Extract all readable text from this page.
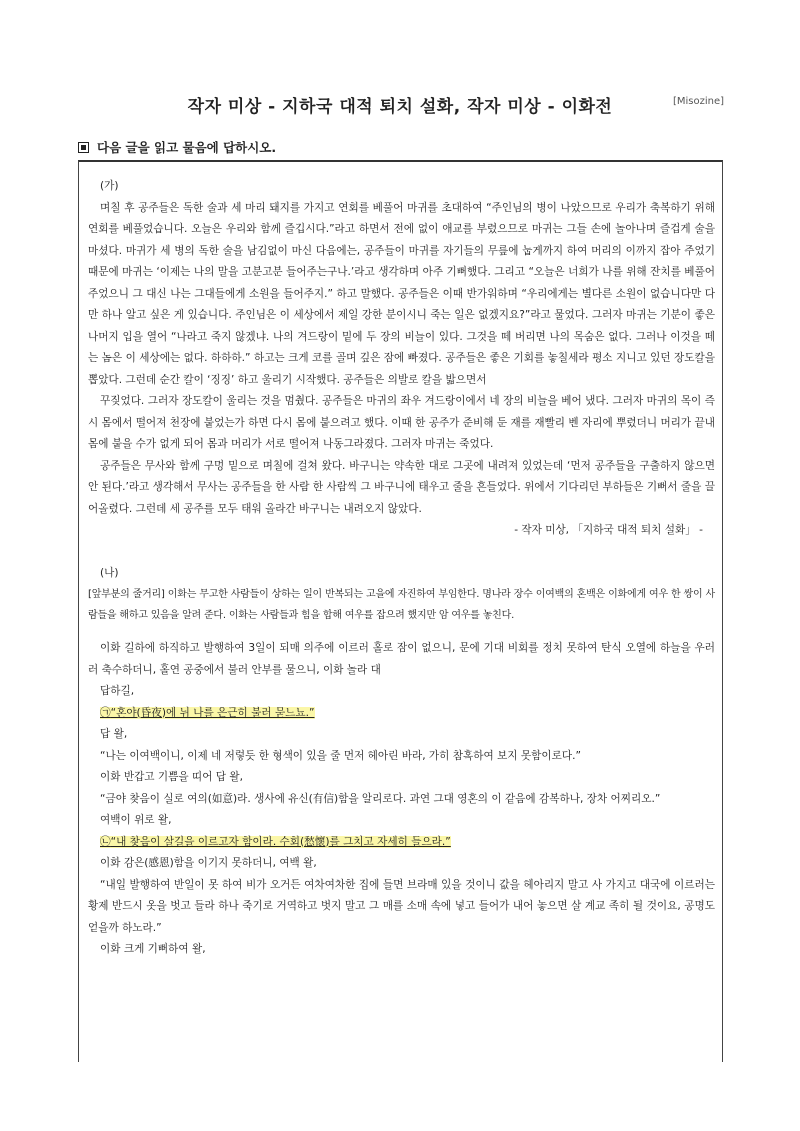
작자 미상 - 지하국 대적 퇴치 설화, 작자 미상 - 이화전	[Misozine]
다음 글을 읽고 물음에 답하시오.

(가)

며칠 후 공주들은 독한 술과 세 마리 돼지를 가지고 연회를 베풀어 마귀를 초대하여 “주인님의 병이 나았으므로 우리가 축복하기 위해 연회를 베풀었습니다. 오늘은 우리와 함께 즐깁시다.”라고 하면서 전에 없이 애교를 부렸으므로 마귀는 그들 손에 놀아나며 즐겁게 술을 마셨다. 마귀가 세 병의 독한 술을 남김없이 마신 다음에는, 공주들이 마귀를 자기들의 무릎에 눕게까지 하여 머리의 이까지 잡아 주었기 때문에 마귀는 ‘이제는 나의 말을 고분고분 들어주는구나.’라고 생각하며 아주 기뻐했다. 그리고 “오늘은 너희가 나를 위해 잔치를 베풀어 주었으니 그 대신 나는 그대들에게 소원을 들어주지.” 하고 말했다. 공주들은 이때 반가워하며 “우리에게는 별다른 소원이 없습니다만 다만 하나 알고 싶은 게 있습니다. 주인님은 이 세상에서 제일 강한 분이시니 죽는 일은 없겠지요?”라고 물었다. 그러자 마귀는 기분이 좋은 나머지 입을 열어 “나라고 죽지 않겠냐. 나의 겨드랑이 밑에 두 장의 비늘이 있다. 그것을 떼 버리면 나의 목숨은 없다. 그러나 이것을 떼는 놈은 이 세상에는 없다. 하하하.” 하고는 크게 코를 골며 깊은 잠에 빠졌다. 공주들은 좋은 기회를 놓칠세라 평소 지니고 있던 장도칼을 뽑았다. 그런데 순간 칼이 ‘징징’ 하고 울리기 시작했다. 공주들은 의발로 칼을 밟으면서

꾸짖었다. 그러자 장도칼이 울리는 것을 멈췄다. 공주들은 마귀의 좌우 겨드랑이에서 네 장의 비늘을 베어 냈다. 그러자 마귀의 목이 즉시 몸에서 떨어져 천장에 붙었는가 하면 다시 몸에 붙으려고 했다. 이때 한 공주가 준비해 둔 재를 재빨리 벤 자리에 뿌렸더니 머리가 끝내 몸에 붙을 수가 없게 되어 몸과 머리가 서로 떨어져 나동그라졌다. 그러자 마귀는 죽었다.

공주들은 무사와 함께 구멍 밑으로 며칠에 걸쳐 왔다. 바구니는 약속한 대로 그곳에 내려져 있었는데 ‘먼저 공주들을 구출하지 않으면 안 된다.’라고 생각해서 무사는 공주들을 한 사람 한 사람씩 그 바구니에 태우고 줄을 흔들었다. 위에서 기다리던 부하들은 기뻐서 줄을 끌어올렸다. 그런데 세 공주를 모두 태워 올라간 바구니는 내려오지 않았다.

- 작자 미상, 「지하국 대적 퇴치 설화」 -

(나)

[앞부분의 줄거리] 이화는 무고한 사람들이 상하는 일이 반복되는 고을에 자진하여 부임한다. 명나라 장수 이여백의 혼백은 이화에게 여우 한 쌍이 사람들을 해하고 있음을 알려 준다. 이화는 사람들과 힘을 합해 여우를 잡으려 했지만 암 여우를 놓친다.

이화 길하에 하직하고 발행하여 3일이 되매 의주에 이르러 홀로 잠이 없으니, 문에 기대 비회를 정치 못하여 탄식 오열에 하늘을 우러러 축수하더니, 홀연 공중에서 불러 안부를 물으니, 이화 놀라 대

답하길,

㉠“혼야(昏夜)에 뉘 나를 은근히 불러 묻느뇨.”

답 왈,

“나는 이여백이니, 이제 네 저렇듯 한 형색이 있을 줄 먼저 헤아린 바라, 가히 참혹하여 보지 못함이로다.”

이화 반갑고 기쁨을 띠어 답 왈,

“금야 찾음이 실로 여의(如意)라. 생사에 유신(有信)함을 알리로다. 과연 그대 영혼의 이 같음에 감복하나, 장차 어찌리오.”

여백이 위로 왈,

㉡“내 찾음이 살길을 이르고자 함이라. 수회(愁懷)를 그치고 자세히 들으라.”

이화 감은(感恩)함을 이기지 못하더니, 여백 왈,

“내일 발행하여 반일이 못 하여 비가 오거든 여차여차한 집에 들면 브라매 있을 것이니 값을 헤아리지 말고 사 가지고 대국에 이르러는 황제 반드시 옷을 벗고 들라 하나 죽기로 거역하고 벗지 말고 그 매를 소매 속에 넣고 들어가 내어 놓으면 살 계교 족히 될 것이요, 공명도 얻을까 하노라.”

이화 크게 기뻐하여 왈,
